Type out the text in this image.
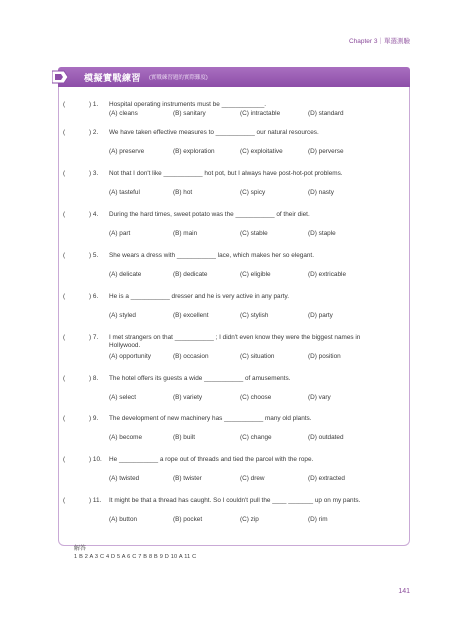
Chapter 3｜單選測驗
模擬實戰練習 (實戰練習題的實際難度)
(	) 1. Hospital operating instruments must be ____________.
(A) cleans	(B) sanitary	(C) intractable	(D) standard
(	) 2. We have taken effective measures to ___________ our natural resources.
(A) preserve	(B) exploration	(C) exploitative	(D) perverse
(	) 3. Not that I don't like ___________ hot pot, but I always have post-hot-pot problems.
(A) tasteful	(B) hot	(C) spicy	(D) nasty
(	) 4. During the hard times, sweet potato was the ___________ of their diet.
(A) part	(B) main	(C) stable	(D) staple
(	) 5. She wears a dress with ___________ lace, which makes her so elegant.
(A) delicate	(B) dedicate	(C) eligible	(D) extricable
(	) 6. He is a ___________ dresser and he is very active in any party.
(A) styled	(B) excellent	(C) stylish	(D) party
(	) 7. I met strangers on that ___________ ; I didn't even know they were the biggest names in Hollywood.
(A) opportunity	(B) occasion	(C) situation	(D) position
(	) 8. The hotel offers its guests a wide ___________ of amusements.
(A) select	(B) variety	(C) choose	(D) vary
(	) 9. The development of new machinery has ___________ many old plants.
(A) become	(B) built	(C) change	(D) outdated
(	) 10. He ___________ a rope out of threads and tied the parcel with the rope.
(A) twisted	(B) twister	(C) drew	(D) extracted
(	) 11. It might be that a thread has caught. So I couldn't pull the ____ _______ up on my pants.
(A) button	(B) pocket	(C) zip	(D) rim
解答
1 B 2 A 3 C 4 D 5 A 6 C 7 B 8 B 9 D 10 A 11 C
141
